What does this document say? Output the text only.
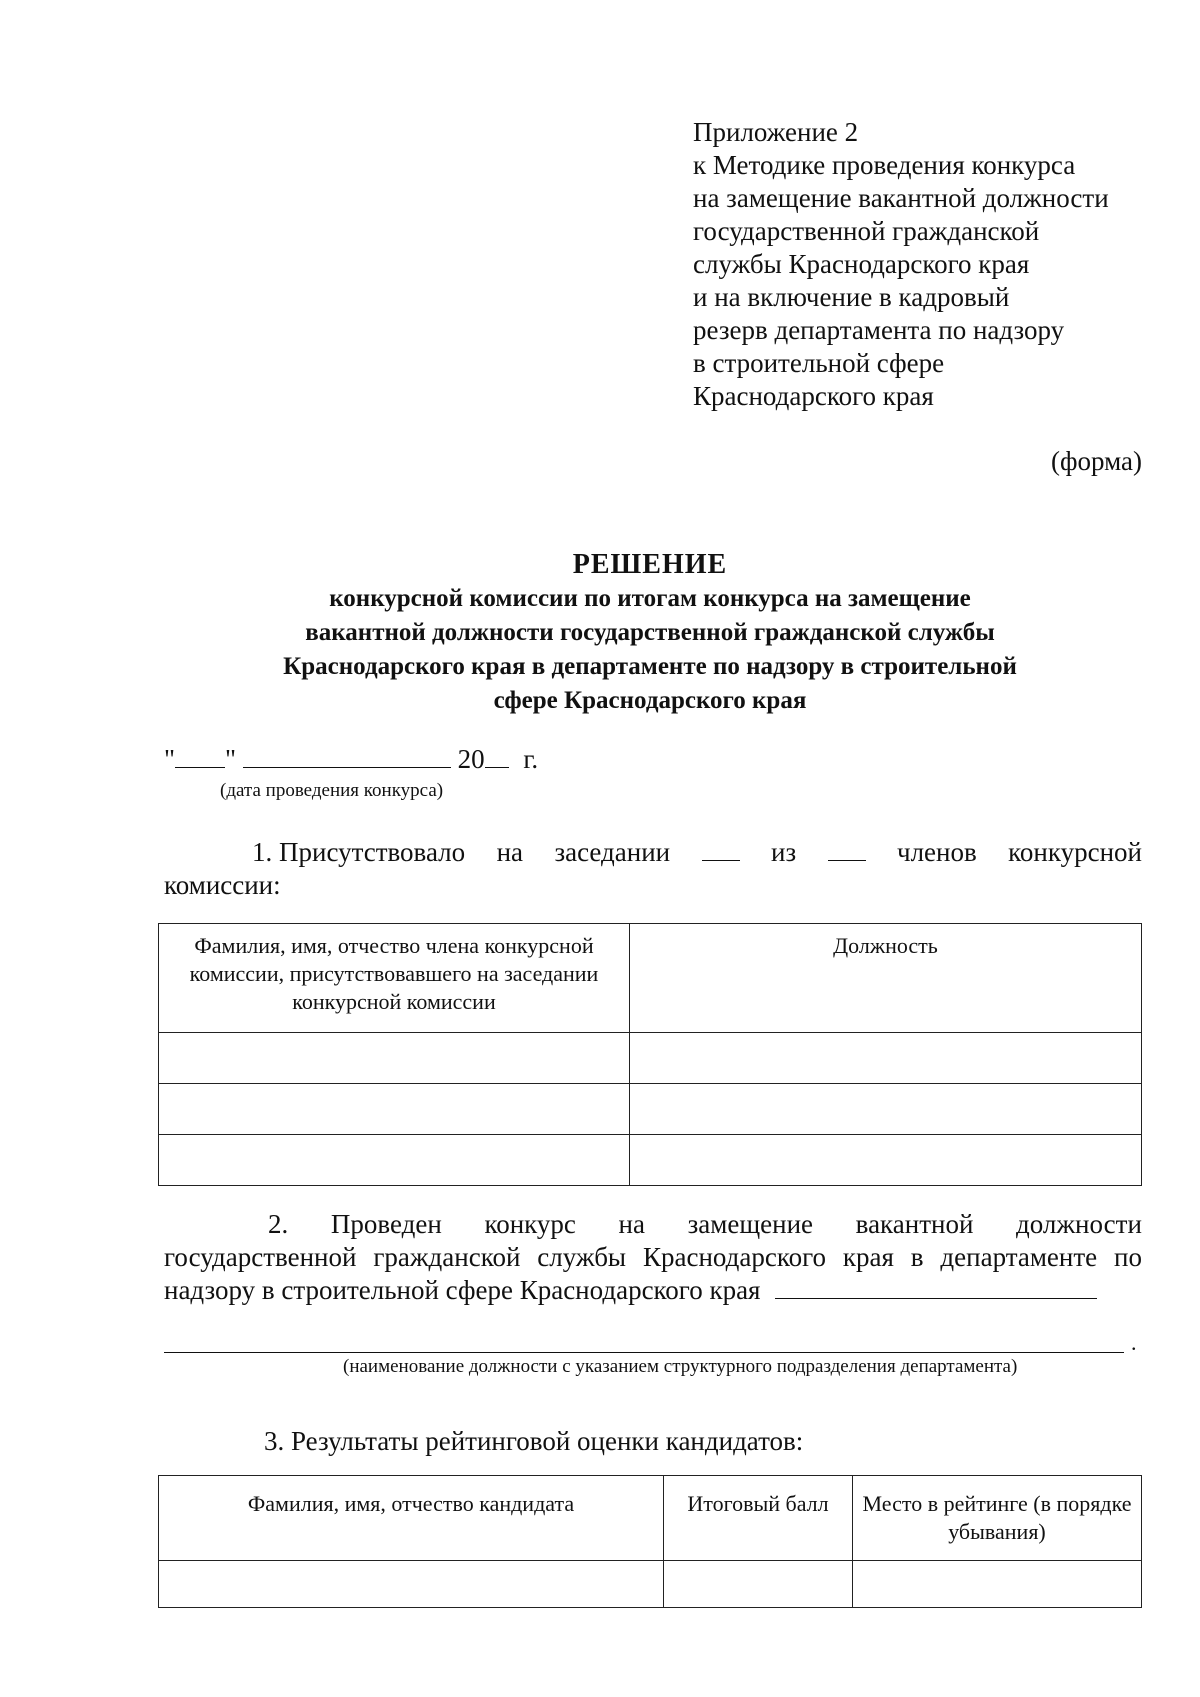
Приложение 2
к Методике проведения конкурса
на замещение вакантной должности
государственной гражданской
службы Краснодарского края
и на включение в кадровый
резерв департамента по надзору
в строительной сфере
Краснодарского края
(форма)
РЕШЕНИЕ
конкурсной комиссии по итогам конкурса на замещение
вакантной должности государственной гражданской службы
Краснодарского края в департаменте по надзору в строительной
сфере Краснодарского края
" "	20 г.
(дата проведения конкурса)
1. Присутствовало на заседании	из	членов конкурсной
комиссии:
Фамилия, имя, отчество члена конкурсной комиссии, присутствовавшего на заседании конкурсной комиссии	Должность

2. Проведен конкурс на замещение вакантной должности
государственной гражданской службы Краснодарского края в департаменте по
надзору в строительной сфере Краснодарского края
.
(наименование должности с указанием структурного подразделения департамента)
3. Результаты рейтинговой оценки кандидатов:
Фамилия, имя, отчество кандидата	Итоговый балл	Место в рейтинге (в порядке убывания)
